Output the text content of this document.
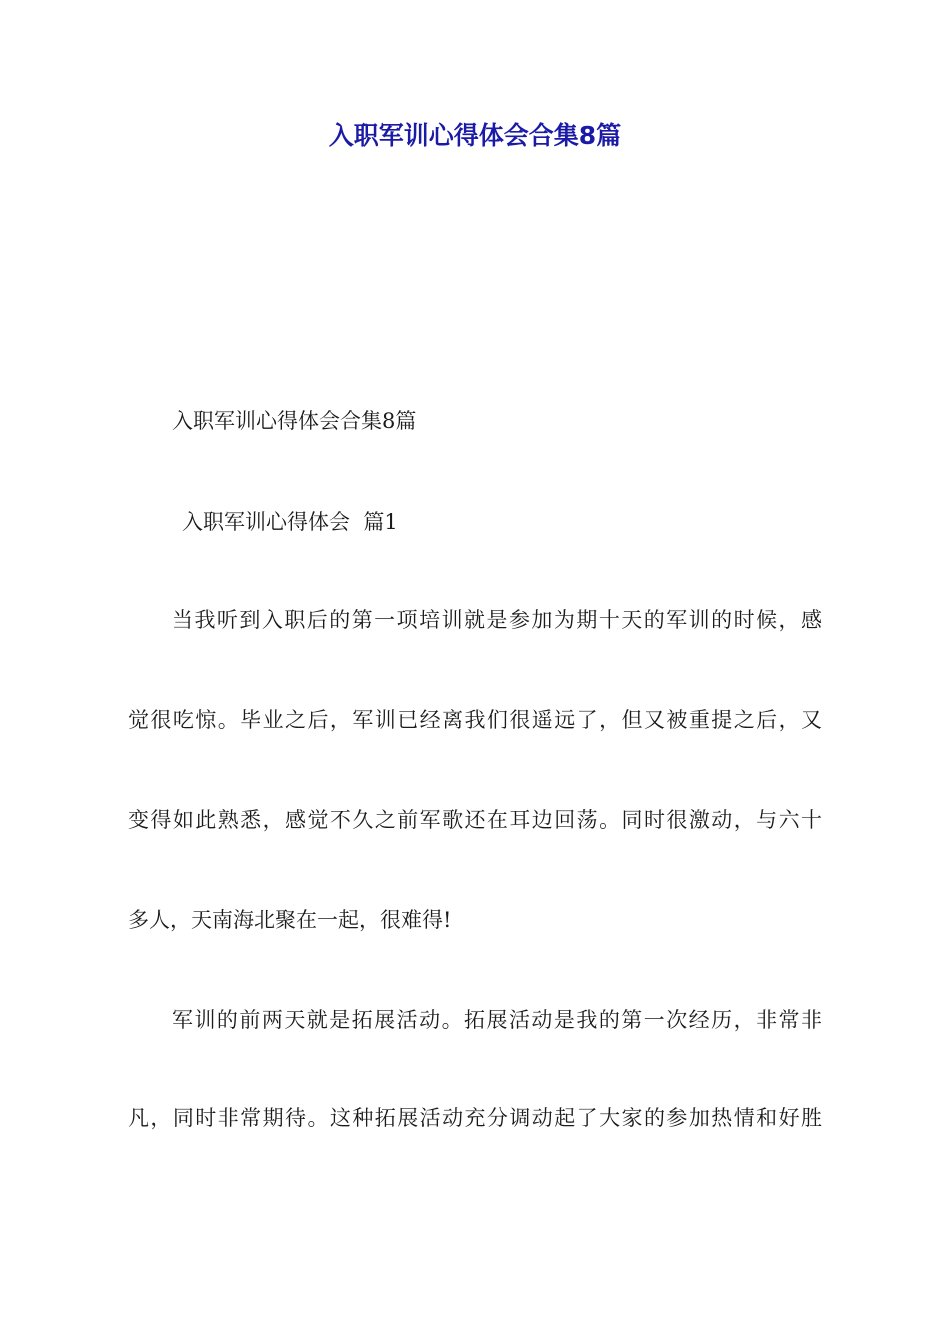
入职军训心得体会合集8篇

入职军训心得体会合集8篇

入职军训心得体会  篇1

当我听到入职后的第一项培训就是参加为期十天的军训的时候，感

觉很吃惊。毕业之后，军训已经离我们很遥远了，但又被重提之后，又

变得如此熟悉，感觉不久之前军歌还在耳边回荡。同时很激动，与六十

多人，天南海北聚在一起，很难得!

军训的前两天就是拓展活动。拓展活动是我的第一次经历，非常非

凡，同时非常期待。这种拓展活动充分调动起了大家的参加热情和好胜
